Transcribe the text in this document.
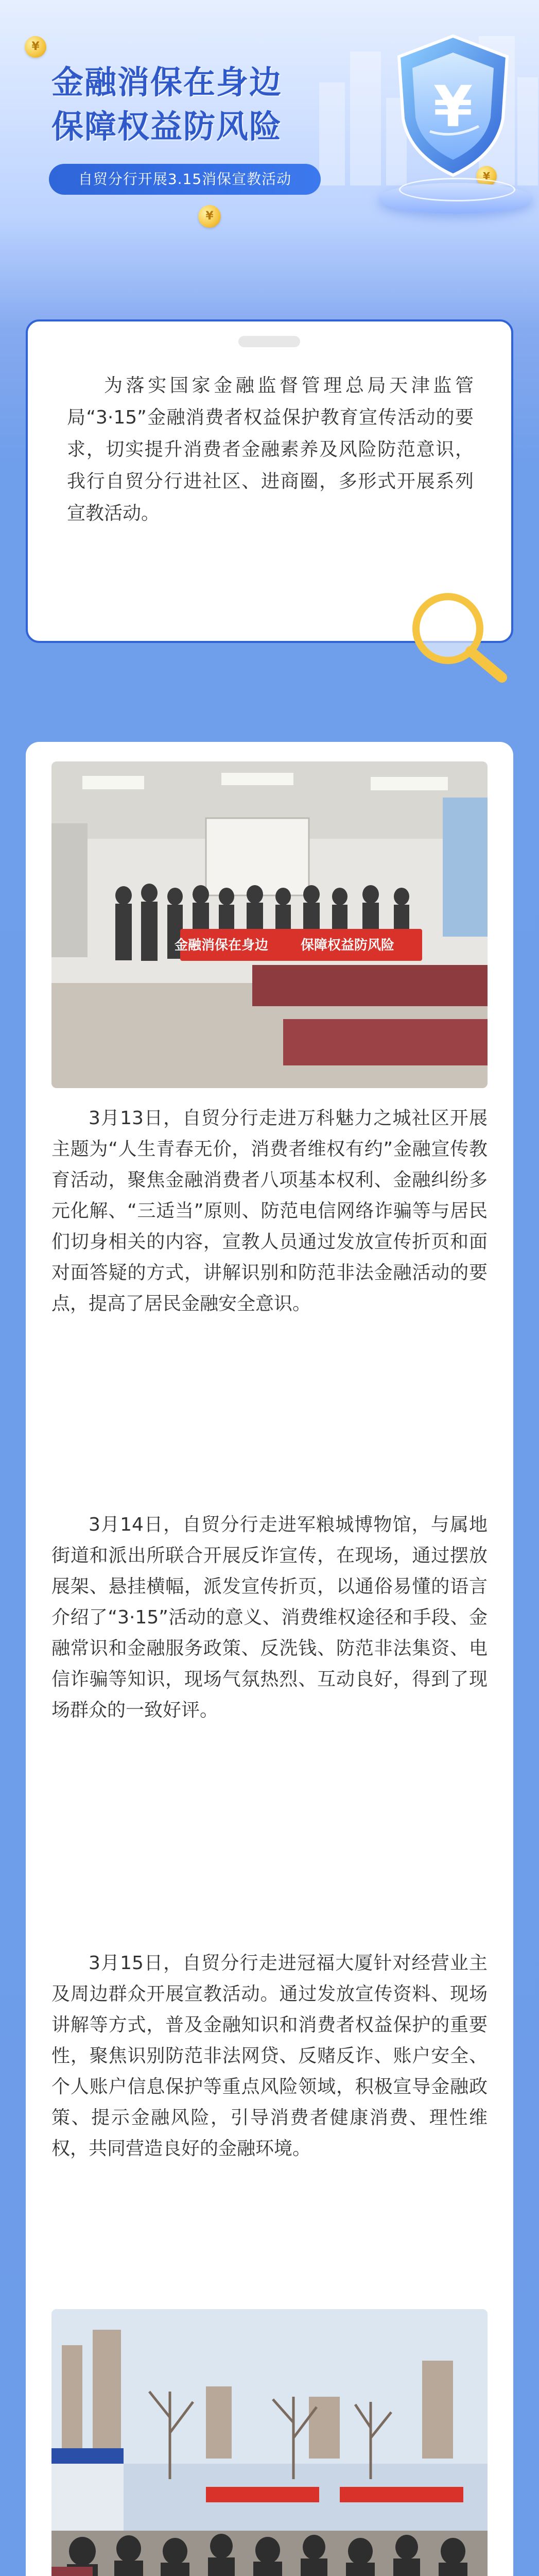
¥
¥
¥
金融消保在身边
保障权益防风险
自贸分行开展3.15消保宣教活动
¥

为落实国家金融监督管理总局天津监管局“3·15”金融消费者权益保护教育宣传活动的要求，切实提升消费者金融素养及风险防范意识，我行自贸分行进社区、进商圈，多形式开展系列宣教活动。

金融消保在身边 保障权益防风险

3月13日，自贸分行走进万科魅力之城社区开展主题为“人生青春无价，消费者维权有约”金融宣传教育活动，聚焦金融消费者八项基本权利、金融纠纷多元化解、“三适当”原则、防范电信网络诈骗等与居民们切身相关的内容，宣教人员通过发放宣传折页和面对面答疑的方式，讲解识别和防范非法金融活动的要点，提高了居民金融安全意识。

3月14日，自贸分行走进军粮城博物馆，与属地街道和派出所联合开展反诈宣传，在现场，通过摆放展架、悬挂横幅，派发宣传折页，以通俗易懂的语言介绍了“3·15”活动的意义、消费维权途径和手段、金融常识和金融服务政策、反洗钱、防范非法集资、电信诈骗等知识，现场气氛热烈、互动良好，得到了现场群众的一致好评。

3月15日，自贸分行走进冠福大厦针对经营业主及周边群众开展宣教活动。通过发放宣传资料、现场讲解等方式，普及金融知识和消费者权益保护的重要性，聚焦识别防范非法网贷、反赌反诈、账户安全、个人账户信息保护等重点风险领域，积极宣导金融政策、提示金融风险，引导消费者健康消费、理性维权，共同营造良好的金融环境。
